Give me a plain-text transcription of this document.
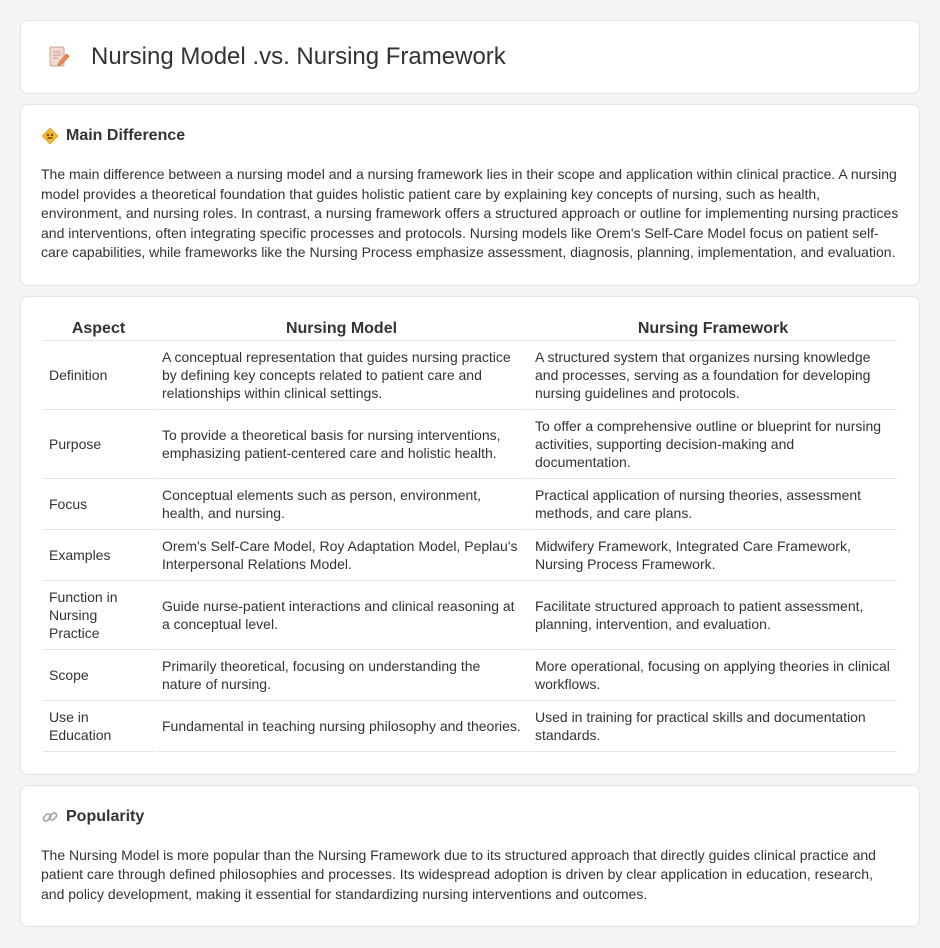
Nursing Model .vs. Nursing Framework
Main Difference

The main difference between a nursing model and a nursing framework lies in their scope and application within clinical practice. A nursing model provides a theoretical foundation that guides holistic patient care by explaining key concepts of nursing, such as health, environment, and nursing roles. In contrast, a nursing framework offers a structured approach or outline for implementing nursing practices and interventions, often integrating specific processes and protocols. Nursing models like Orem's Self-Care Model focus on patient self-care capabilities, while frameworks like the Nursing Process emphasize assessment, diagnosis, planning, implementation, and evaluation.

Aspect	Nursing Model	Nursing Framework
Definition	A conceptual representation that guides nursing practice by defining key concepts related to patient care and relationships within clinical settings.	A structured system that organizes nursing knowledge and processes, serving as a foundation for developing nursing guidelines and protocols.
Purpose	To provide a theoretical basis for nursing interventions, emphasizing patient-centered care and holistic health.	To offer a comprehensive outline or blueprint for nursing activities, supporting decision-making and documentation.
Focus	Conceptual elements such as person, environment, health, and nursing.	Practical application of nursing theories, assessment methods, and care plans.
Examples	Orem's Self-Care Model, Roy Adaptation Model, Peplau's Interpersonal Relations Model.	Midwifery Framework, Integrated Care Framework, Nursing Process Framework.
Function in Nursing Practice	Guide nurse-patient interactions and clinical reasoning at a conceptual level.	Facilitate structured approach to patient assessment, planning, intervention, and evaluation.
Scope	Primarily theoretical, focusing on understanding the nature of nursing.	More operational, focusing on applying theories in clinical workflows.
Use in Education	Fundamental in teaching nursing philosophy and theories.	Used in training for practical skills and documentation standards.
Popularity

The Nursing Model is more popular than the Nursing Framework due to its structured approach that directly guides clinical practice and patient care through defined philosophies and processes. Its widespread adoption is driven by clear application in education, research, and policy development, making it essential for standardizing nursing interventions and outcomes.
